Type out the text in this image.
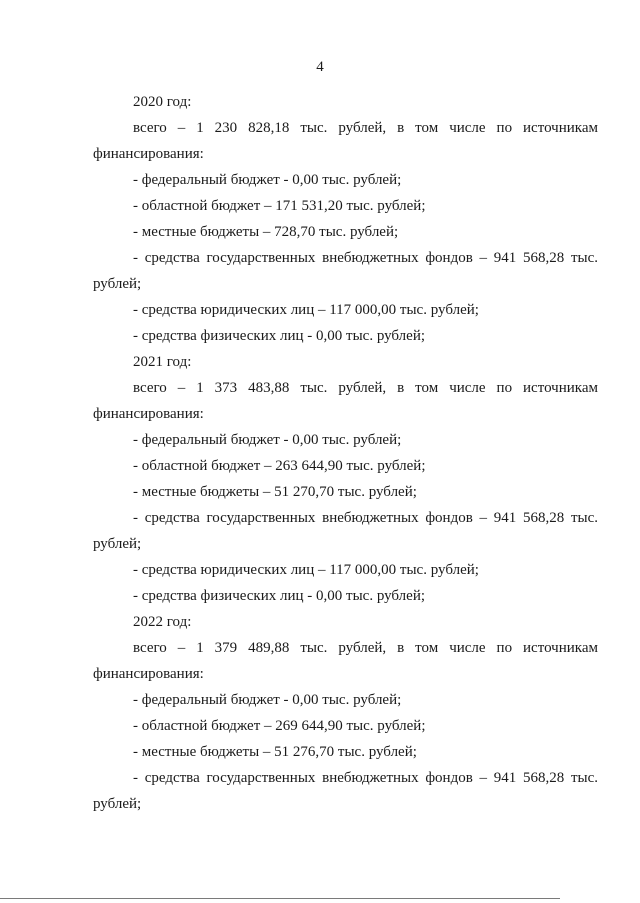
4
2020 год:
всего – 1 230 828,18 тыс. рублей, в том числе по источникам
финансирования:
- федеральный бюджет - 0,00 тыс. рублей;
- областной бюджет – 171 531,20 тыс. рублей;
- местные бюджеты – 728,70 тыс. рублей;
- средства государственных внебюджетных фондов – 941 568,28 тыс.
рублей;
- средства юридических лиц – 117 000,00 тыс. рублей;
- средства физических лиц - 0,00 тыс. рублей;
2021 год:
всего – 1 373 483,88 тыс. рублей, в том числе по источникам
финансирования:
- федеральный бюджет - 0,00 тыс. рублей;
- областной бюджет – 263 644,90 тыс. рублей;
- местные бюджеты – 51 270,70 тыс. рублей;
- средства государственных внебюджетных фондов – 941 568,28 тыс.
рублей;
- средства юридических лиц – 117 000,00 тыс. рублей;
- средства физических лиц - 0,00 тыс. рублей;
2022 год:
всего – 1 379 489,88 тыс. рублей, в том числе по источникам
финансирования:
- федеральный бюджет - 0,00 тыс. рублей;
- областной бюджет – 269 644,90 тыс. рублей;
- местные бюджеты – 51 276,70 тыс. рублей;
- средства государственных внебюджетных фондов – 941 568,28 тыс.
рублей;
